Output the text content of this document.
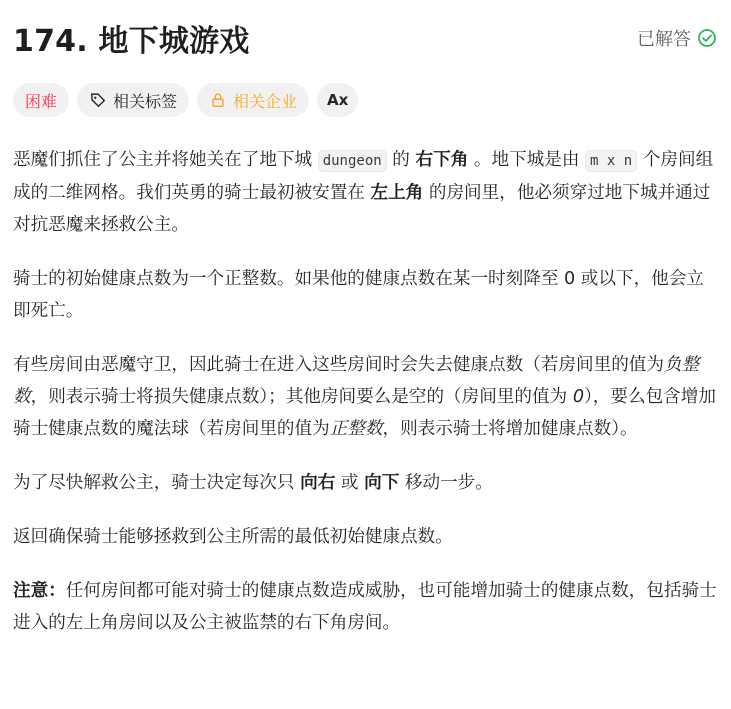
174. 地下城游戏	已解答
困难	相关标签	相关企业 Ax

恶魔们抓住了公主并将她关在了地下城 dungeon 的 右下角 。地下城是由 m x n 个房间组成的二维网格。我们英勇的骑士最初被安置在 左上角 的房间里，他必须穿过地下城并通过对抗恶魔来拯救公主。

骑士的初始健康点数为一个正整数。如果他的健康点数在某一时刻降至 0 或以下，他会立即死亡。

有些房间由恶魔守卫，因此骑士在进入这些房间时会失去健康点数（若房间里的值为负整数，则表示骑士将损失健康点数）；其他房间要么是空的（房间里的值为 0），要么包含增加骑士健康点数的魔法球（若房间里的值为正整数，则表示骑士将增加健康点数）。

为了尽快解救公主，骑士决定每次只 向右 或 向下 移动一步。

返回确保骑士能够拯救到公主所需的最低初始健康点数。

注意：任何房间都可能对骑士的健康点数造成威胁，也可能增加骑士的健康点数，包括骑士进入的左上角房间以及公主被监禁的右下角房间。
